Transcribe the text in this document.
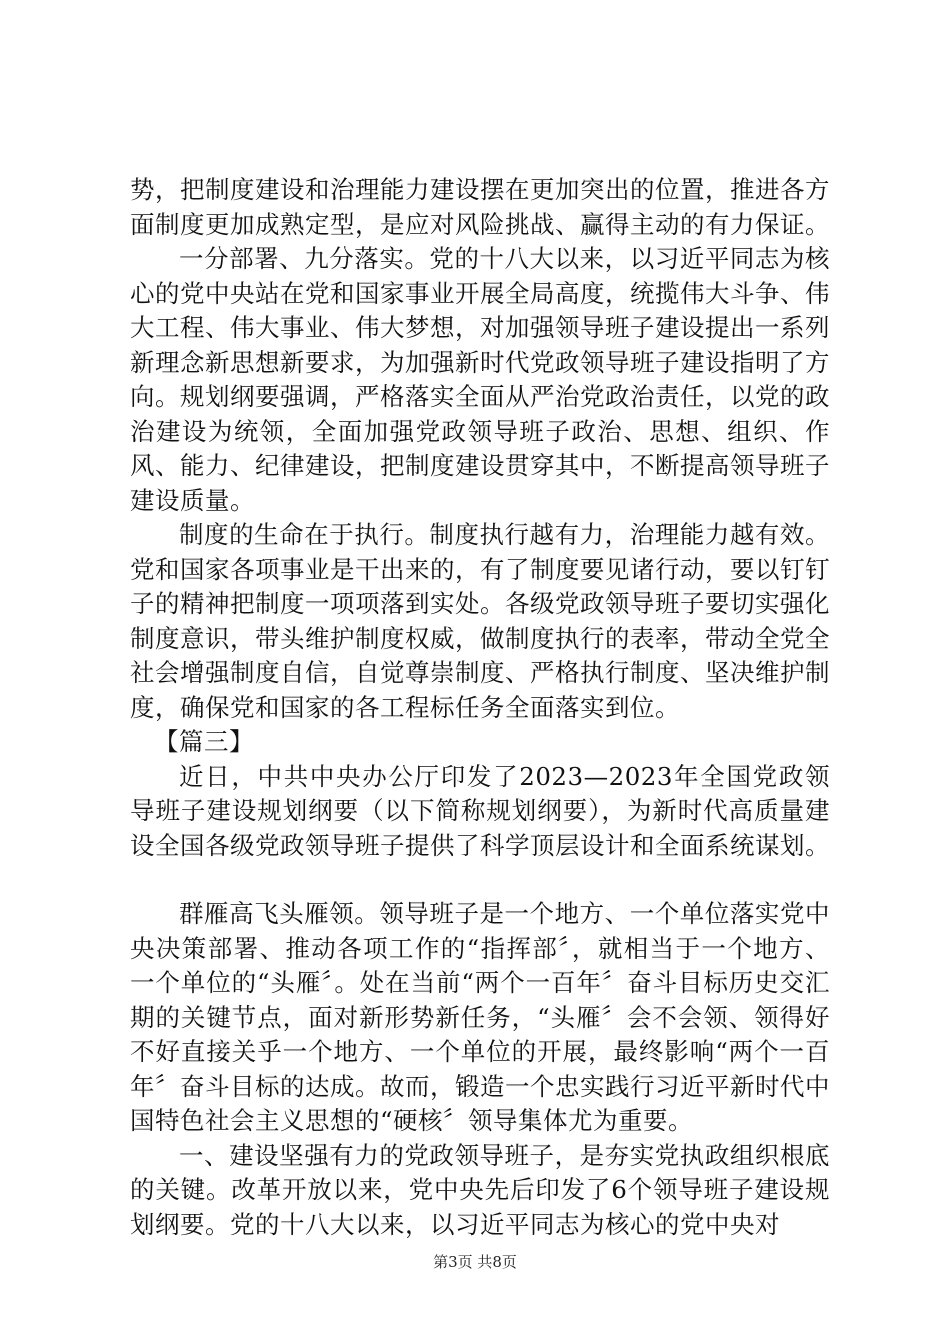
势，把制度建设和治理能力建设摆在更加突出的位置，推进各方面制度更加成熟定型，是应对风险挑战、赢得主动的有力保证。

一分部署、九分落实。党的十八大以来，以习近平同志为核心的党中央站在党和国家事业开展全局高度，统揽伟大斗争、伟大工程、伟大事业、伟大梦想，对加强领导班子建设提出一系列新理念新思想新要求，为加强新时代党政领导班子建设指明了方向。规划纲要强调，严格落实全面从严治党政治责任，以党的政治建设为统领，全面加强党政领导班子政治、思想、组织、作风、能力、纪律建设，把制度建设贯穿其中，不断提高领导班子建设质量。

制度的生命在于执行。制度执行越有力，治理能力越有效。党和国家各项事业是干出来的，有了制度要见诸行动，要以钉钉子的精神把制度一项项落到实处。各级党政领导班子要切实强化制度意识，带头维护制度权威，做制度执行的表率，带动全党全社会增强制度自信，自觉尊崇制度、严格执行制度、坚决维护制度，确保党和国家的各工程标任务全面落实到位。

【篇三】

近日，中共中央办公厅印发了2023—2023年全国党政领导班子建设规划纲要（以下简称规划纲要），为新时代高质量建设全国各级党政领导班子提供了科学顶层设计和全面系统谋划。

群雁高飞头雁领。领导班子是一个地方、一个单位落实党中央决策部署、推动各项工作的“指挥部〞，就相当于一个地方、一个单位的“头雁〞。处在当前“两个一百年〞奋斗目标历史交汇期的关键节点，面对新形势新任务，“头雁〞会不会领、领得好不好直接关乎一个地方、一个单位的开展，最终影响“两个一百年〞奋斗目标的达成。故而，锻造一个忠实践行习近平新时代中国特色社会主义思想的“硬核〞领导集体尤为重要。

一、建设坚强有力的党政领导班子，是夯实党执政组织根底的关键。改革开放以来，党中央先后印发了6个领导班子建设规划纲要。党的十八大以来，以习近平同志为核心的党中央对

第3页 共8页
